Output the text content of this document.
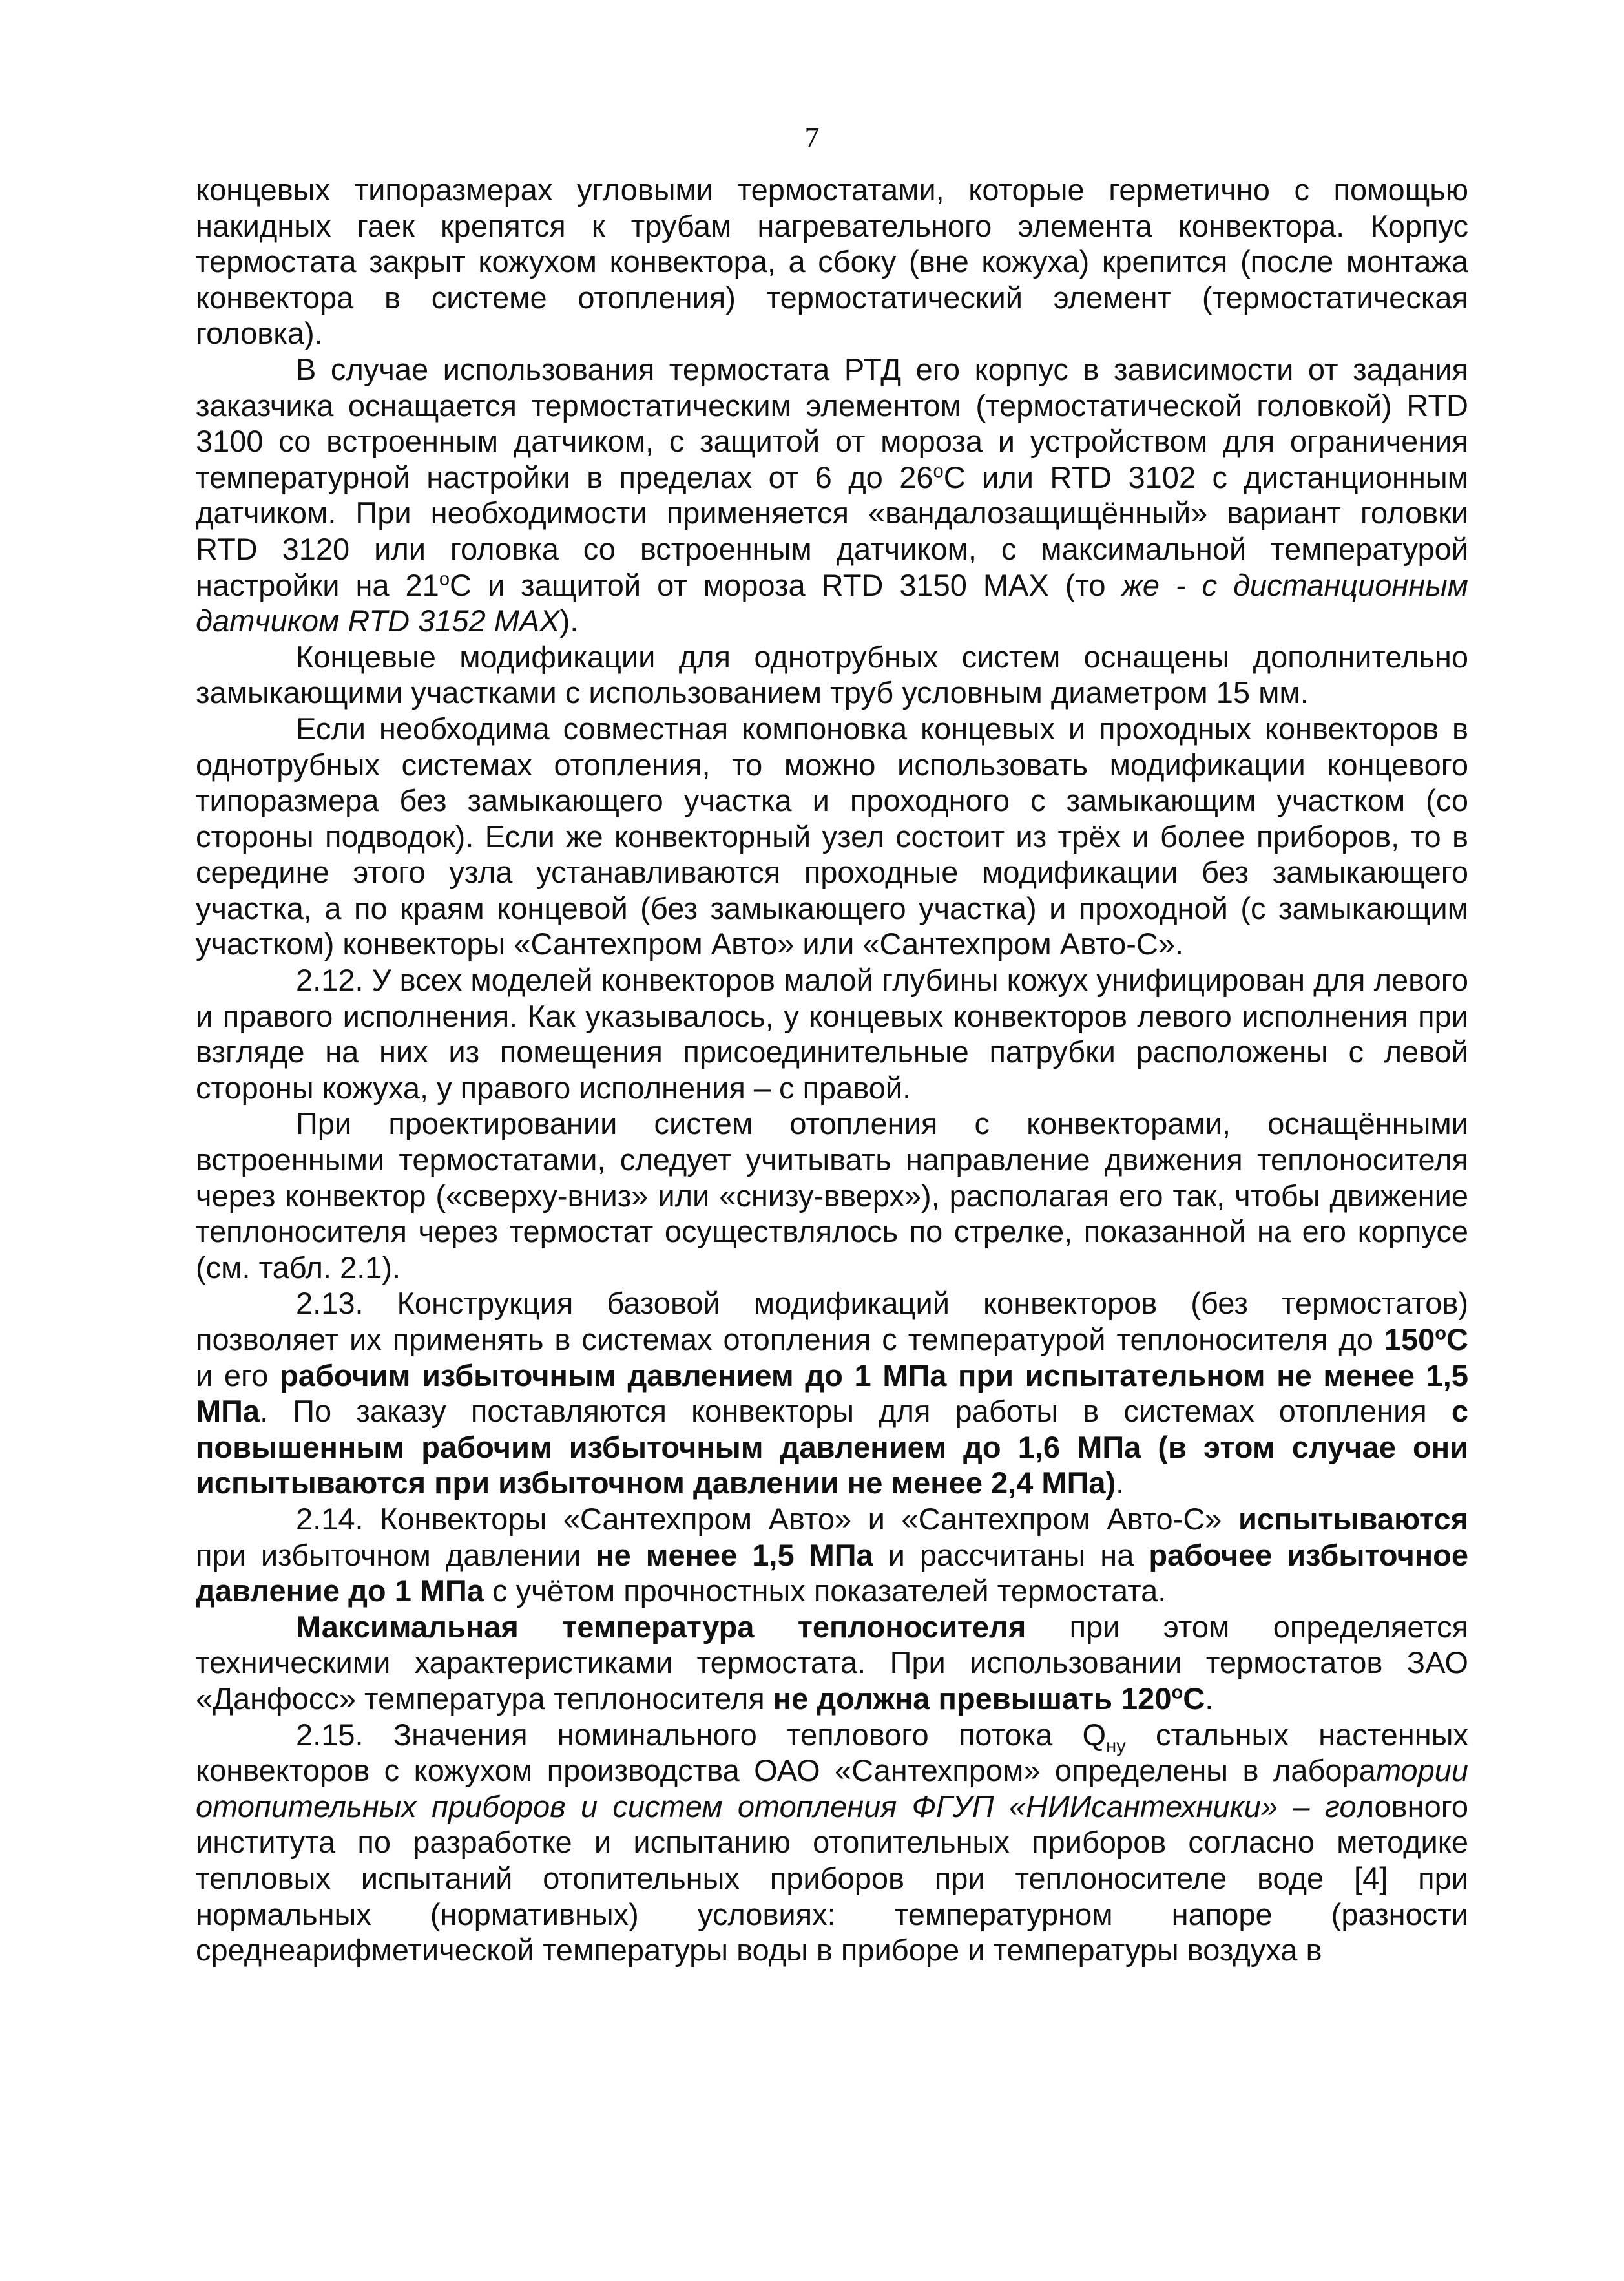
7

концевых типоразмерах угловыми термостатами, которые герметично с помощью накидных гаек крепятся к трубам нагревательного элемента конвектора. Корпус термостата закрыт кожухом конвектора, а сбоку (вне кожуха) крепится (после монтажа конвектора в системе отопления) термостатический элемент (термостатическая головка).

В случае использования термостата РТД его корпус в зависимости от задания заказчика оснащается термостатическим элементом (термостатической головкой) RTD 3100 со встроенным датчиком, с защитой от мороза и устройством для ограничения температурной настройки в пределах от 6 до 26$^o$С или RTD 3102 с дистанционным датчиком. При необходимости применяется «вандалозащищённый» вариант головки RTD 3120 или головка со встроенным датчиком, с максимальной температурой настройки на 21$^o$С и защитой от мороза RTD 3150 MAX (то же - с дистанционным датчиком RTD 3152 MAX).

Концевые модификации для однотрубных систем оснащены дополнительно замыкающими участками с использованием труб условным диаметром 15 мм.

Если необходима совместная компоновка концевых и проходных конвекторов в однотрубных системах отопления, то можно использовать модификации концевого типоразмера без замыкающего участка и проходного с замыкающим участком (со стороны подводок). Если же конвекторный узел состоит из трёх и более приборов, то в середине этого узла устанавливаются проходные модификации без замыкающего участка, а по краям концевой (без замыкающего участка) и проходной (с замыкающим участком) конвекторы «Сантехпром Авто» или «Сантехпром Авто-С».

2.12. У всех моделей конвекторов малой глубины кожух унифицирован для левого и правого исполнения. Как указывалось, у концевых конвекторов левого исполнения при взгляде на них из помещения присоединительные патрубки расположены с левой стороны кожуха, у правого исполнения – с правой.

При проектировании систем отопления с конвекторами, оснащёнными встроенными термостатами, следует учитывать направление движения теплоносителя через конвектор («сверху-вниз» или «снизу-вверх»), располагая его так, чтобы движение теплоносителя через термостат осуществлялось по стрелке, показанной на его корпусе (см. табл. 2.1).

2.13. Конструкция базовой модификаций конвекторов (без термостатов) позволяет их применять в системах отопления с температурой теплоносителя до 150$^o$С и его рабочим избыточным давлением до 1 МПа при испытательном не менее 1,5 МПа. По заказу поставляются конвекторы для работы в системах отопления с повышенным рабочим избыточным давлением до 1,6 МПа (в этом случае они испытываются при избыточном давлении не менее 2,4 МПа).

2.14. Конвекторы «Сантехпром Авто» и «Сантехпром Авто-С» испытываются при избыточном давлении не менее 1,5 МПа и рассчитаны на рабочее избыточное давление до 1 МПа с учётом прочностных показателей термостата.

Максимальная температура теплоносителя при этом определяется техническими характеристиками термостата. При использовании термостатов ЗАО «Данфосс» температура теплоносителя не должна превышать 120$^o$С.

2.15. Значения номинального теплового потока $Q_{ну}$ стальных настенных конвекторов с кожухом производства ОАО «Сантехпром» определены в лаборатории отопительных приборов и систем отопления ФГУП «НИИсантехники» – головного института по разработке и испытанию отопительных приборов согласно методике тепловых испытаний отопительных приборов при теплоносителе воде [4] при нормальных (нормативных) условиях: температурном напоре (разности среднеарифметической температуры воды в приборе и температуры воздуха в
